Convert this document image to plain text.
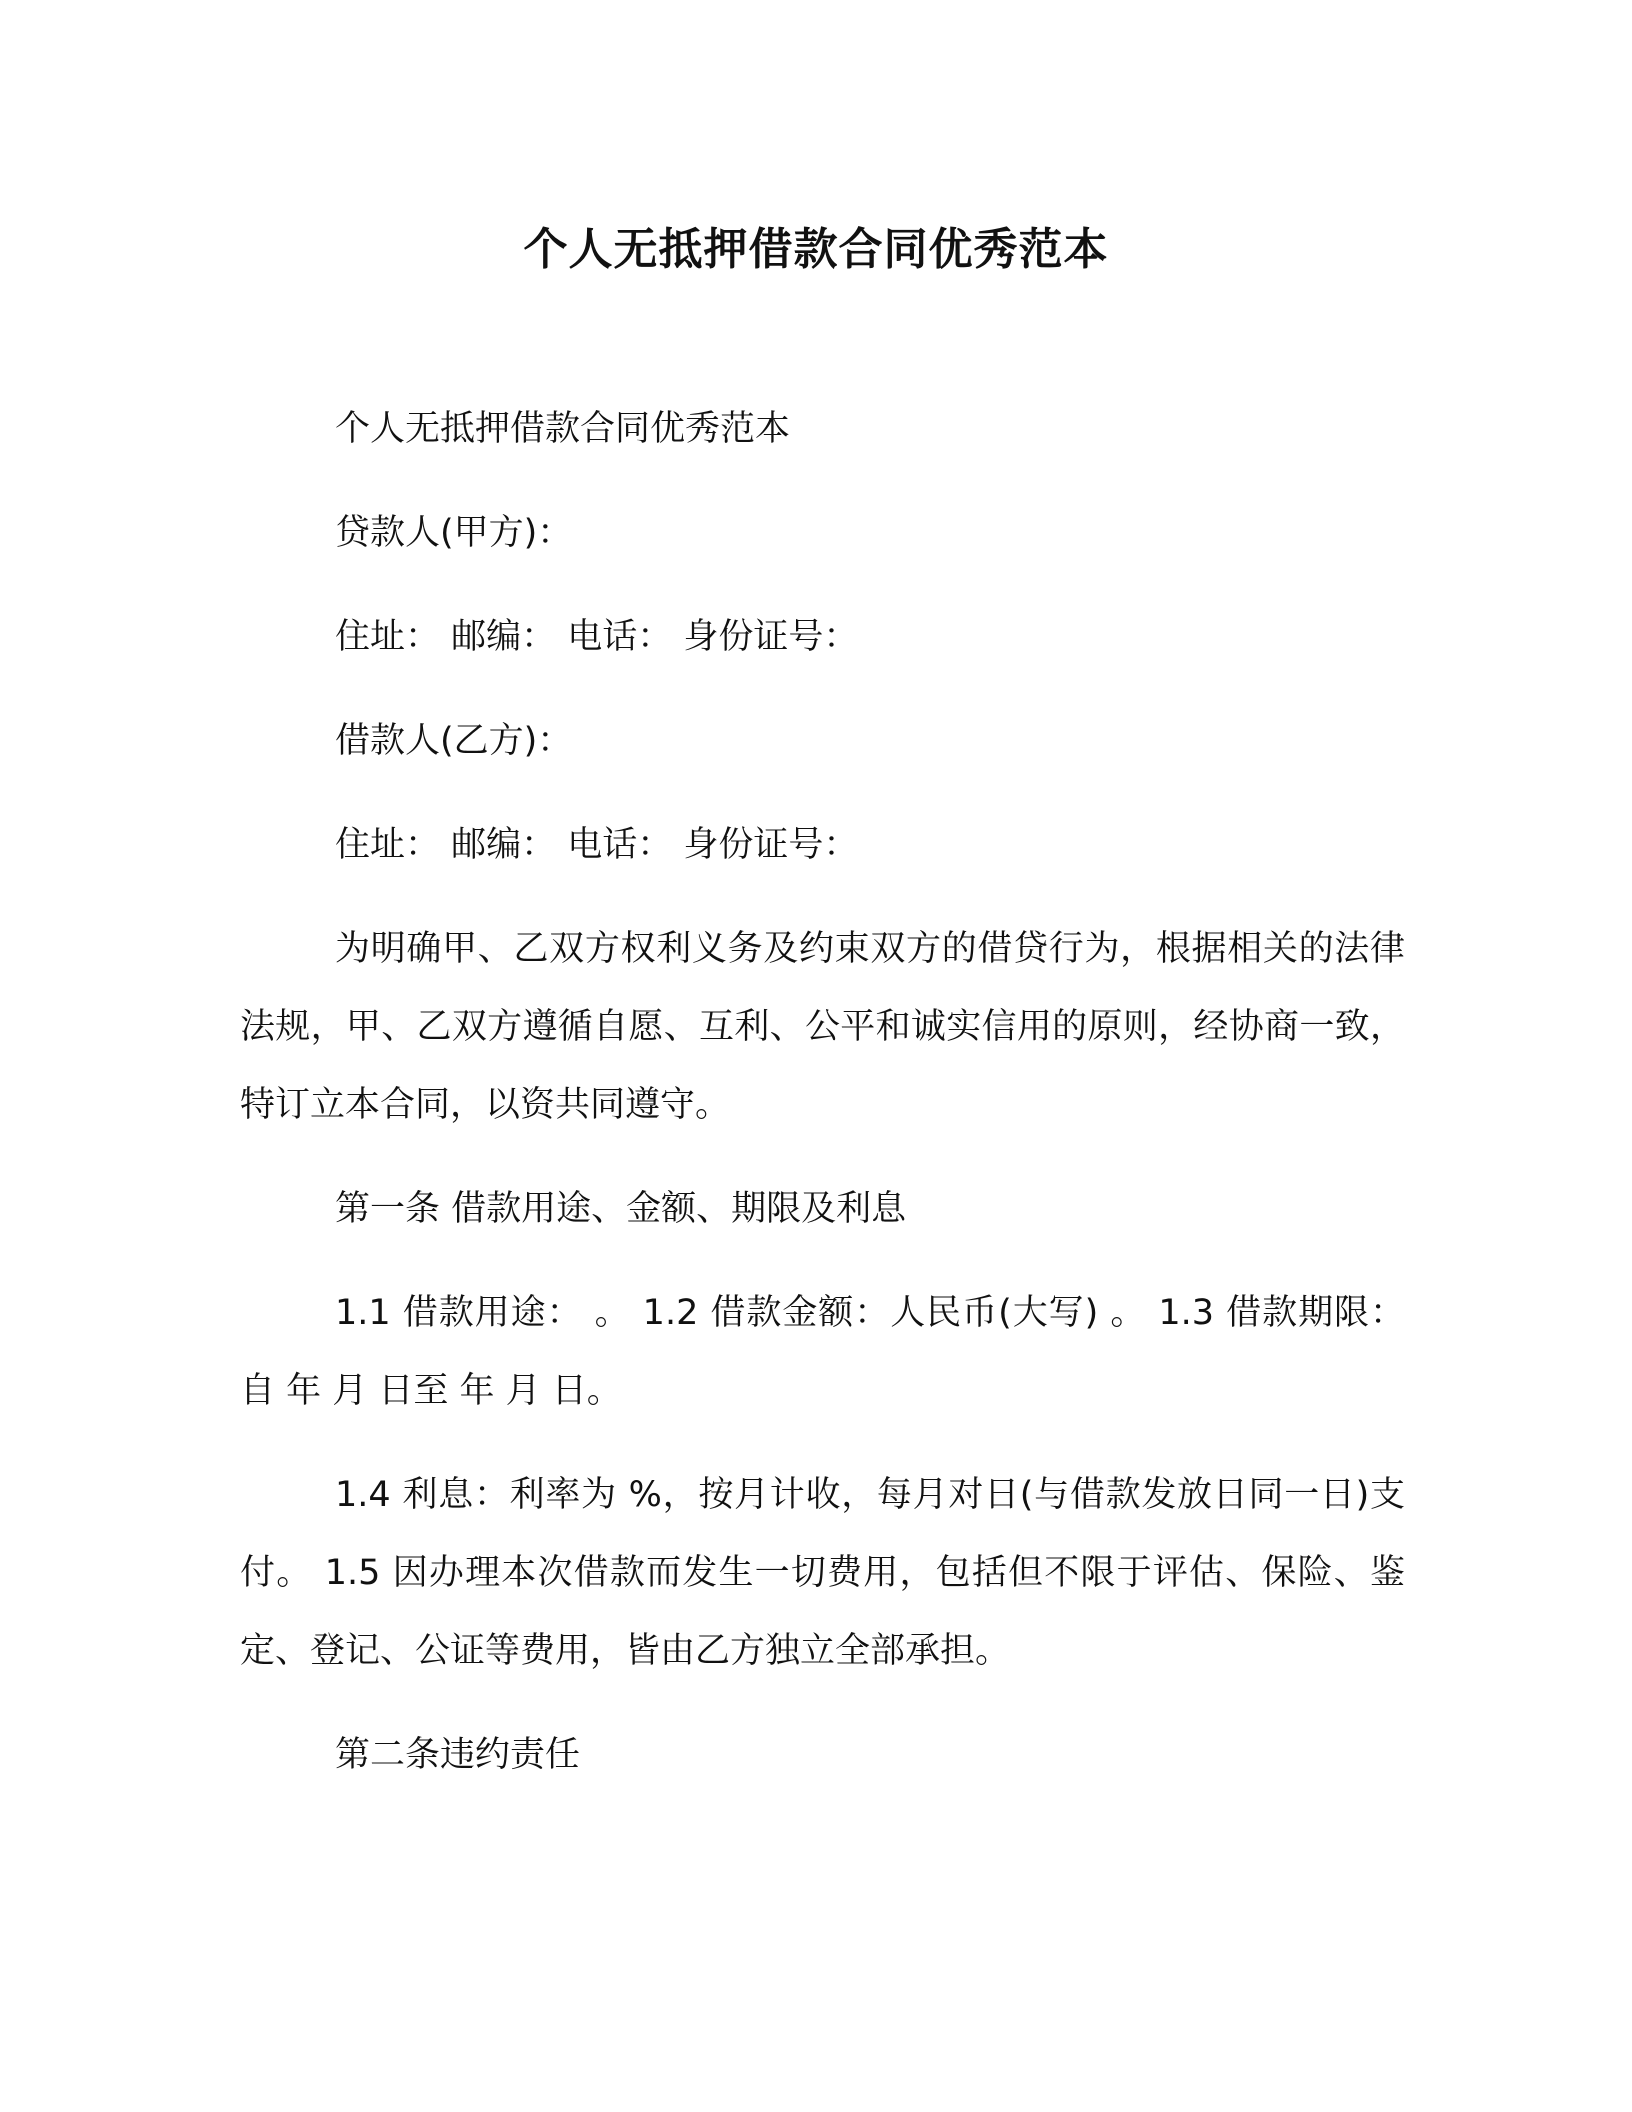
个人无抵押借款合同优秀范本

个人无抵押借款合同优秀范本

贷款人(甲方)：

住址： 邮编： 电话： 身份证号：

借款人(乙方)：

住址： 邮编： 电话： 身份证号：

为明确甲、乙双方权利义务及约束双方的借贷行为，根据相关的法律法规，甲、乙双方遵循自愿、互利、公平和诚实信用的原则，经协商一致，特订立本合同，以资共同遵守。

第一条 借款用途、金额、期限及利息

1.1 借款用途： 。 1.2 借款金额：人民币(大写) 。 1.3 借款期限：自 年 月 日至 年 月 日。

1.4 利息：利率为 %，按月计收，每月对日(与借款发放日同一日)支付。 1.5 因办理本次借款而发生一切费用，包括但不限于评估、保险、鉴定、登记、公证等费用，皆由乙方独立全部承担。

第二条违约责任
